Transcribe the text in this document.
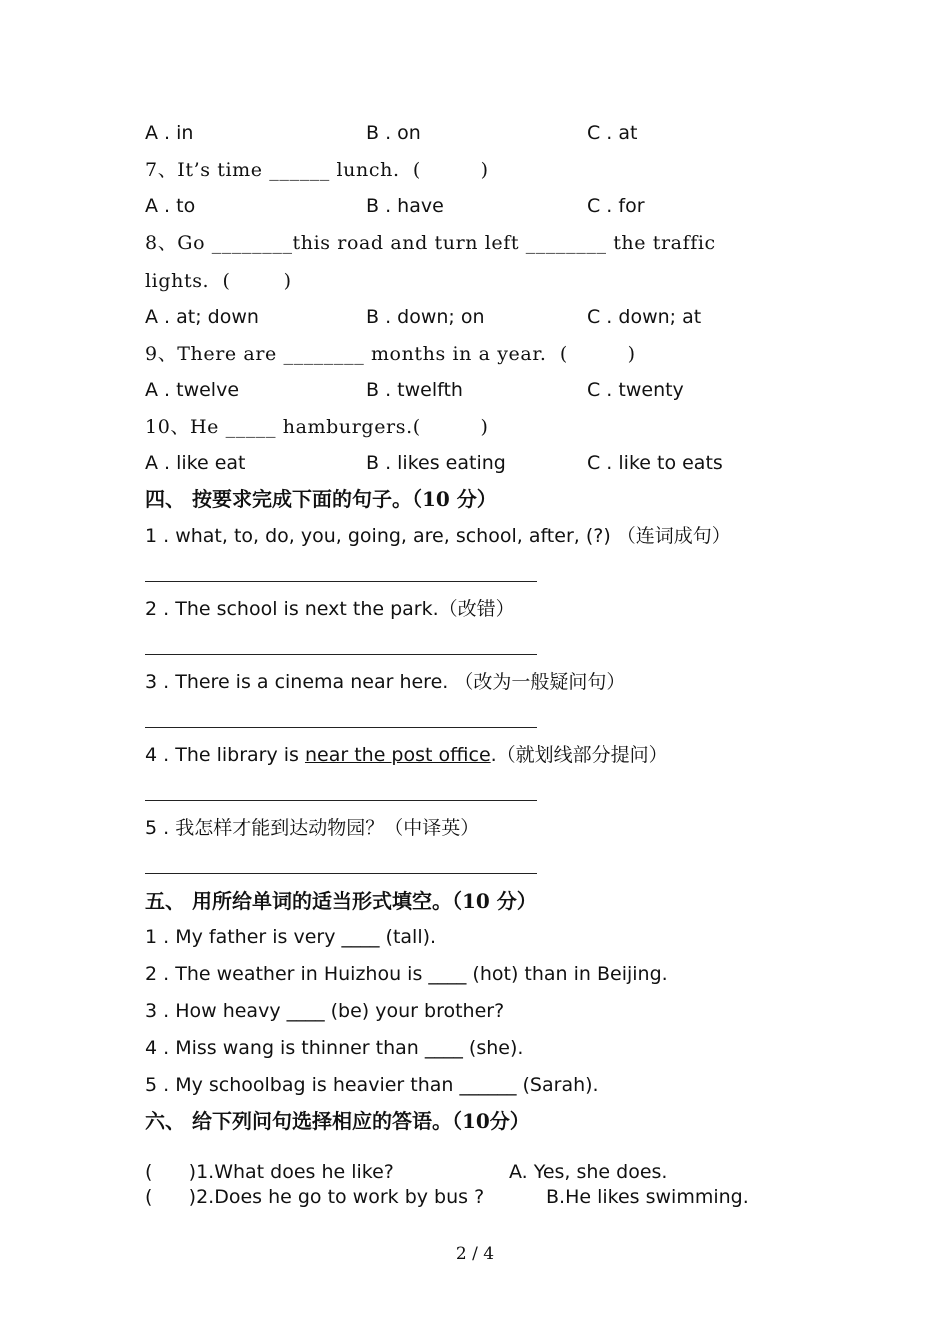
A . in	B . on	C . at
7、It’s time ______ lunch.  (         )
A . to	B . have	C . for
8、Go ________this road and turn left ________ the traffic
lights.  (        )
A . at; down	B . down; on	C . down; at
9、There are ________ months in a year.  (         )
A . twelve	B . twelfth	C . twenty
10、He _____ hamburgers.(         )
A . like eat	B . likes eating	C . like to eats
四、 按要求完成下面的句子。（10 分）
1 . what, to, do, you, going, are, school, after, (?) （连词成句）
2 . The school is next the park.（改错）
3 . There is a cinema near here. （改为一般疑问句）
4 . The library is near the post office.（就划线部分提问）
5 . 我怎样才能到达动物园？（中译英）
五、 用所给单词的适当形式填空。（10 分）
1 . My father is very ____ (tall).
2 . The weather in Huizhou is ____ (hot) than in Beijing.
3 . How heavy ____ (be) your brother?
4 . Miss wang is thinner than ____ (she).
5 . My schoolbag is heavier than ______ (Sarah).
六、 给下列问句选择相应的答语。（10分）
(      )1.What does he like?	A. Yes, she does.
(      )2.Does he go to work by bus ?	B.He likes swimming.
2 / 4
